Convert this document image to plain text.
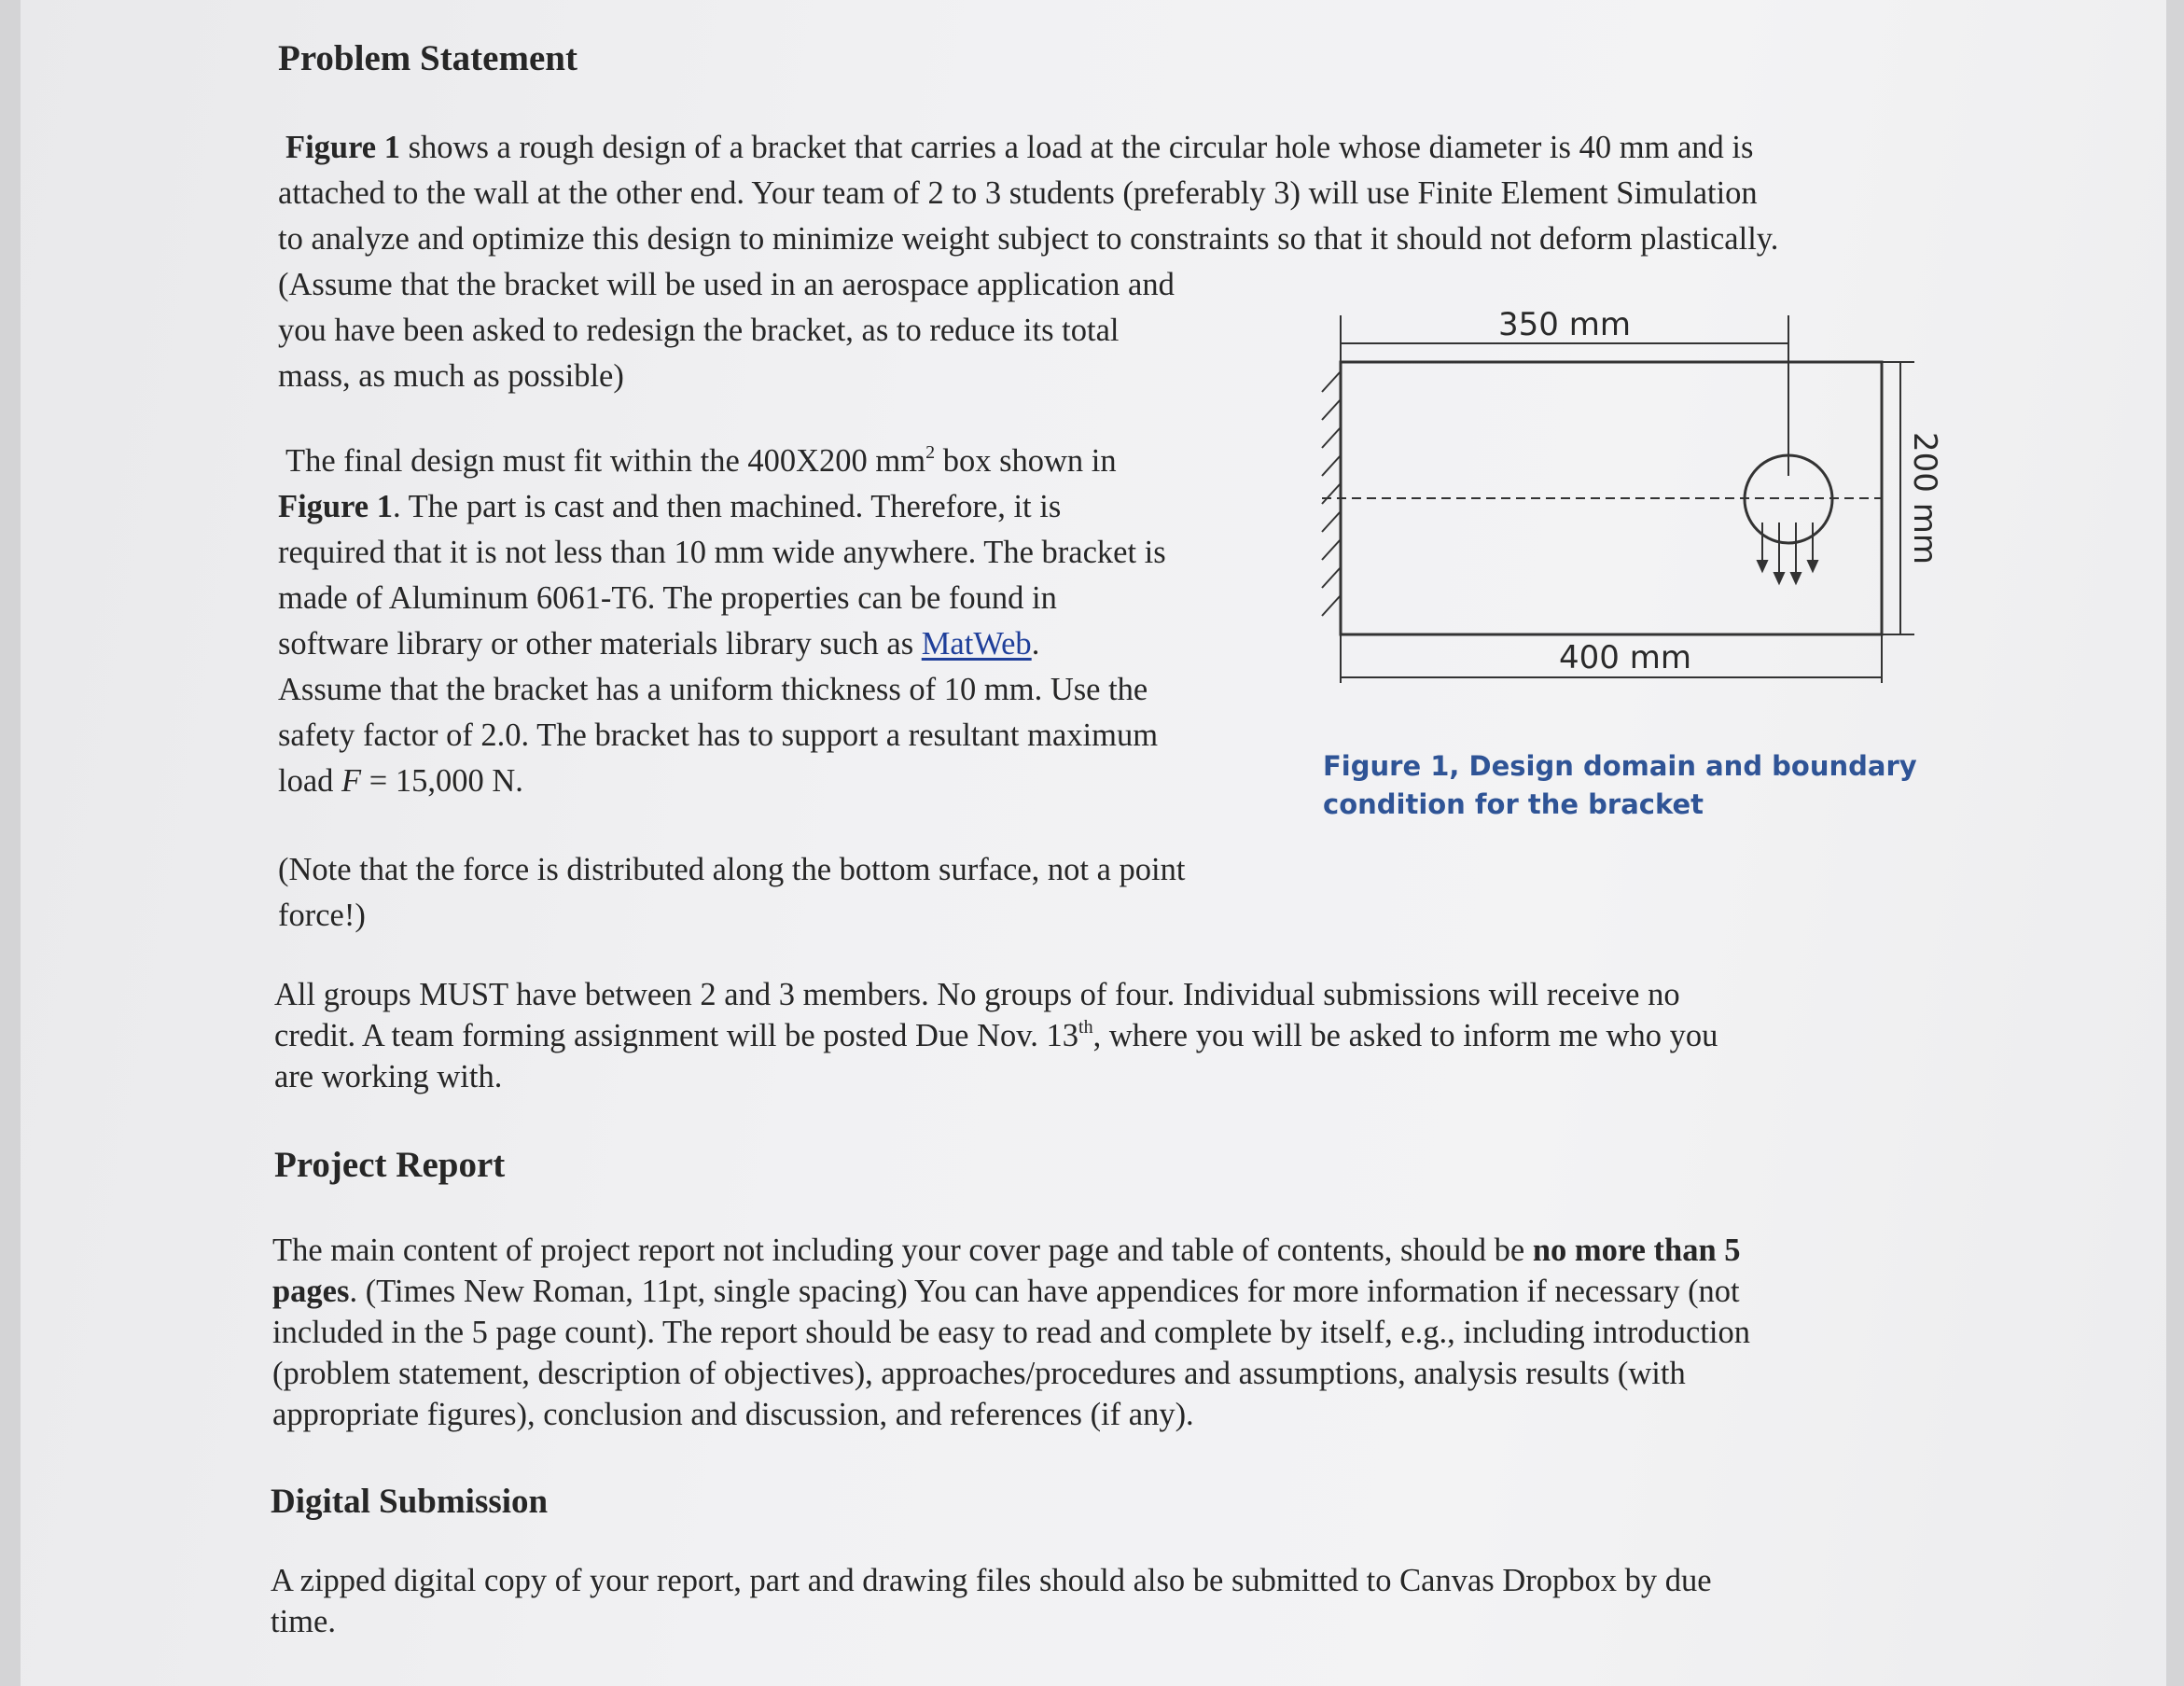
Problem Statement
Figure 1 shows a rough design of a bracket that carries a load at the circular hole whose diameter is 40 mm and is
attached to the wall at the other end. Your team of 2 to 3 students (preferably 3) will use Finite Element Simulation
to analyze and optimize this design to minimize weight subject to constraints so that it should not deform plastically.
(Assume that the bracket will be used in an aerospace application and
you have been asked to redesign the bracket, as to reduce its total
mass, as much as possible)
The final design must fit within the 400X200 $mm^2$ box shown in
Figure 1. The part is cast and then machined. Therefore, it is
required that it is not less than 10 mm wide anywhere. The bracket is
made of Aluminum 6061-T6. The properties can be found in
software library or other materials library such as MatWeb.
Assume that the bracket has a uniform thickness of 10 mm. Use the
safety factor of 2.0. The bracket has to support a resultant maximum
load F = 15,000 N.
(Note that the force is distributed along the bottom surface, not a point
force!)
All groups MUST have between 2 and 3 members. No groups of four. Individual submissions will receive no
credit. A team forming assignment will be posted Due Nov. 13th, where you will be asked to inform me who you
are working with.
Project Report
The main content of project report not including your cover page and table of contents, should be no more than 5
pages. (Times New Roman, 11pt, single spacing) You can have appendices for more information if necessary (not
included in the 5 page count). The report should be easy to read and complete by itself, e.g., including introduction
(problem statement, description of objectives), approaches/procedures and assumptions, analysis results (with
appropriate figures), conclusion and discussion, and references (if any).
Digital Submission
A zipped digital copy of your report, part and drawing files should also be submitted to Canvas Dropbox by due
time.
350 mm
200 mm
400 mm
Figure 1, Design domain and boundary
condition for the bracket
